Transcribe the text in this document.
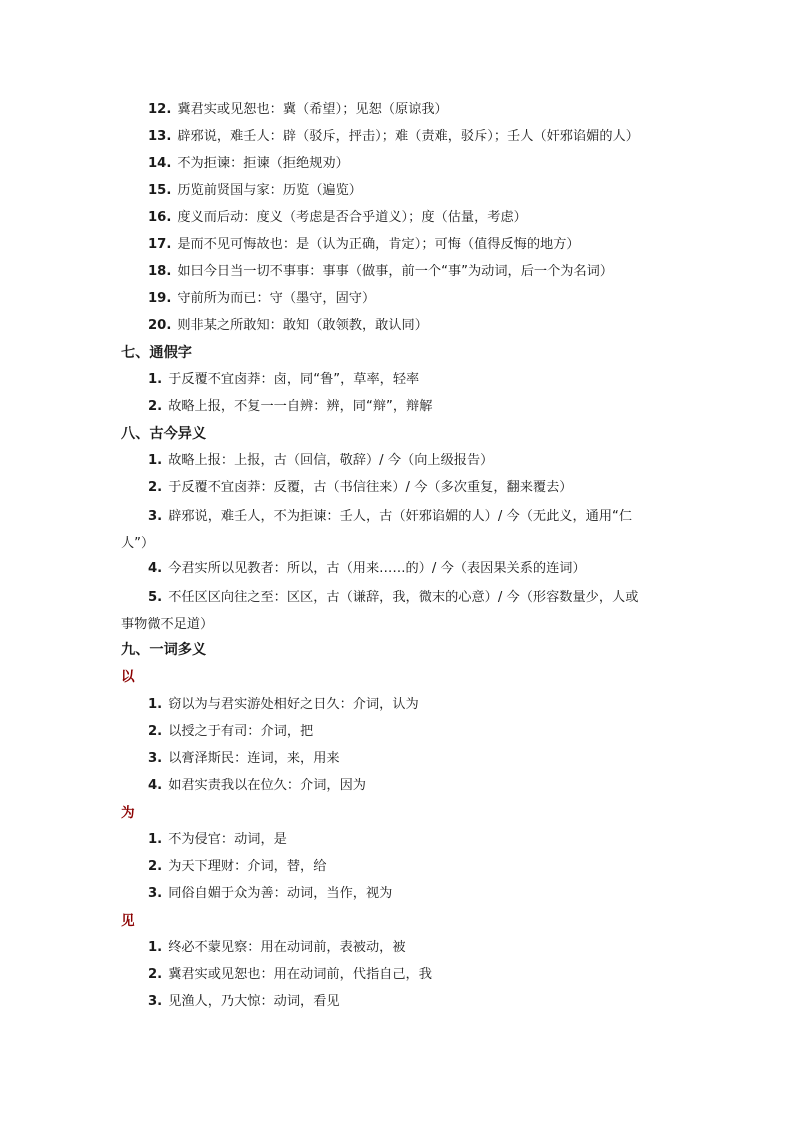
12. 冀君实或见恕也：冀（希望）；见恕（原谅我）
13. 辟邪说，难壬人：辟（驳斥，抨击）；难（责难，驳斥）；壬人（奸邪谄媚的人）
14. 不为拒谏：拒谏（拒绝规劝）
15. 历览前贤国与家：历览（遍览）
16. 度义而后动：度义（考虑是否合乎道义）；度（估量，考虑）
17. 是而不见可悔故也：是（认为正确，肯定）；可悔（值得反悔的地方）
18. 如曰今日当一切不事事：事事（做事，前一个“事”为动词，后一个为名词）
19. 守前所为而已：守（墨守，固守）
20. 则非某之所敢知：敢知（敢领教，敢认同）
七、通假字
1. 于反覆不宜卤莽：卤，同“鲁”，草率，轻率
2. 故略上报，不复一一自辨：辨，同“辩”，辩解
八、古今异义
1. 故略上报：上报，古（回信，敬辞）/ 今（向上级报告）
2. 于反覆不宜卤莽：反覆，古（书信往来）/ 今（多次重复，翻来覆去）
3. 辟邪说，难壬人，不为拒谏：壬人，古（奸邪谄媚的人）/ 今（无此义，通用“仁人”）
4. 今君实所以见教者：所以，古（用来……的）/ 今（表因果关系的连词）
5. 不任区区向往之至：区区，古（谦辞，我，微末的心意）/ 今（形容数量少，人或事物微不足道）
九、一词多义
以
1. 窃以为与君实游处相好之日久：介词，认为
2. 以授之于有司：介词，把
3. 以膏泽斯民：连词，来，用来
4. 如君实责我以在位久：介词，因为
为
1. 不为侵官：动词，是
2. 为天下理财：介词，替，给
3. 同俗自媚于众为善：动词，当作，视为
见
1. 终必不蒙见察：用在动词前，表被动，被
2. 冀君实或见恕也：用在动词前，代指自己，我
3. 见渔人，乃大惊：动词，看见
